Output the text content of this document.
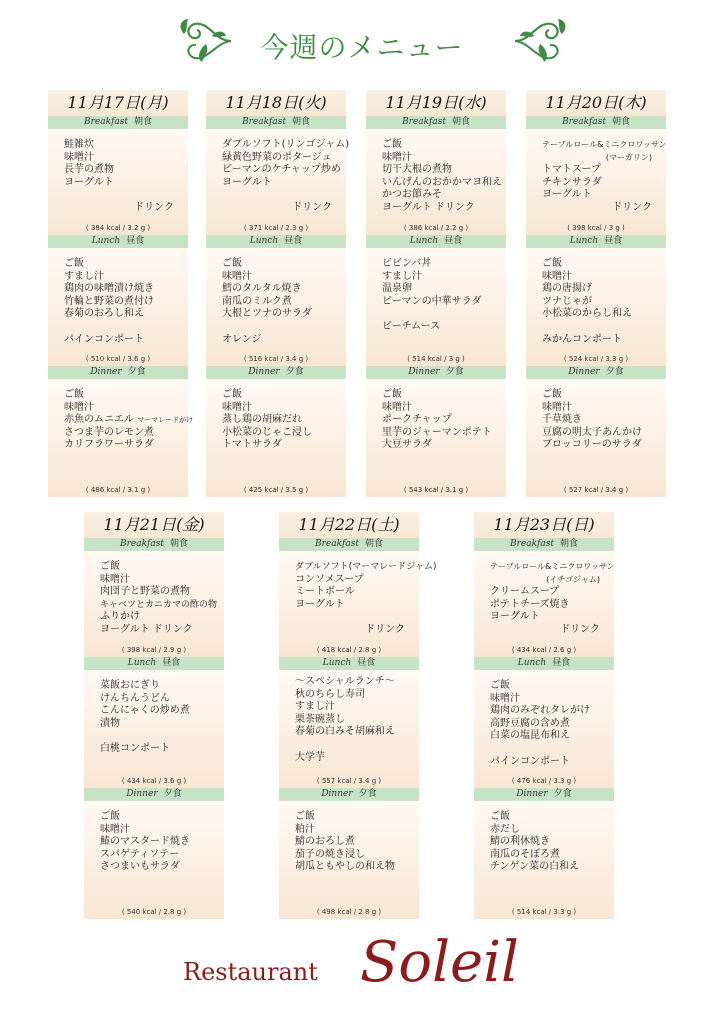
今週のメニュー
11月17日(月)
Breakfast 朝食
鮭雑炊
味噌汁
長芋の煮物
ヨーグルト
ドリンク
( 384 kcal / 3.2 g )
Lunch 昼食
ご飯
すまし汁
鶏肉の味噌漬け焼き
竹輪と野菜の煮付け
春菊のおろし和え
パインコンポート
( 510 kcal / 3.6 g )
Dinner 夕食
ご飯
味噌汁
赤魚のムニエル マーマレードがけ
さつま芋のレモン煮
カリフラワーサラダ
( 486 kcal / 3.1 g )
11月18日(火)
Breakfast 朝食
ダブルソフト(リンゴジャム)
緑黄色野菜のポタージュ
ピーマンのケチャップ炒め
ヨーグルト
ドリンク
( 371 kcal / 2.3 g )
Lunch 昼食
ご飯
味噌汁
鱈のタルタル焼き
南瓜のミルク煮
大根とツナのサラダ
オレンジ
( 516 kcal / 3.4 g )
Dinner 夕食
ご飯
味噌汁
蒸し鶏の胡麻だれ
小松菜のじゃこ浸し
トマトサラダ
( 425 kcal / 3.5 g )
11月19日(水)
Breakfast 朝食
ご飯
味噌汁
切干大根の煮物
いんげんのおかかマヨ和え
かつお節みそ
ヨーグルト ドリンク
( 386 kcal / 2.2 g )
Lunch 昼食
ビビンバ丼
すまし汁
温泉卵
ピーマンの中華サラダ
ピーチムース
( 514 kcal / 3 g )
Dinner 夕食
ご飯
味噌汁
ポークチャップ
里芋のジャーマンポテト
大豆サラダ
( 543 kcal / 3.1 g )
11月20日(木)
Breakfast 朝食
テーブルロール&ミニクロワッサン
(マーガリン)
トマトスープ
チキンサラダ
ヨーグルト
ドリンク
( 398 kcal / 3 g )
Lunch 昼食
ご飯
味噌汁
鶏の唐揚げ
ツナじゃが
小松菜のからし和え
みかんコンポート
( 524 kcal / 3.3 g )
Dinner 夕食
ご飯
味噌汁
千草焼き
豆腐の明太子あんかけ
ブロッコリーのサラダ
( 527 kcal / 3.4 g )
11月21日(金)
Breakfast 朝食
ご飯
味噌汁
肉団子と野菜の煮物
キャベツとカニカマの酢の物
ふりかけ
ヨーグルト ドリンク
( 398 kcal / 2.9 g )
Lunch 昼食
菜飯おにぎり
けんちんうどん
こんにゃくの炒め煮
漬物
白桃コンポート
( 434 kcal / 3.6 g )
Dinner 夕食
ご飯
味噌汁
鰆のマスタード焼き
スパゲティソテー
さつまいもサラダ
( 540 kcal / 2.8 g )
11月22日(土)
Breakfast 朝食
ダブルソフト(マーマレードジャム)
コンソメスープ
ミートボール
ヨーグルト
ドリンク
( 418 kcal / 2.8 g )
Lunch 昼食
～スペシャルランチ～
秋のちらし寿司
すまし汁
栗茶碗蒸し
春菊の白みそ胡麻和え
大学芋
( 557 kcal / 3.4 g )
Dinner 夕食
ご飯
粕汁
鯖のおろし煮
茄子の焼き浸し
胡瓜ともやしの和え物
( 498 kcal / 2.8 g )
11月23日(日)
Breakfast 朝食
テーブルロール&ミニクロワッサン
(イチゴジャム)
クリームスープ
ポテトチーズ焼き
ヨーグルト
ドリンク
( 434 kcal / 2.6 g )
Lunch 昼食
ご飯
味噌汁
鶏肉のみぞれタレがけ
高野豆腐の含め煮
白菜の塩昆布和え
パインコンポート
( 476 kcal / 3.3 g )
Dinner 夕食
ご飯
赤だし
鯖の利休焼き
南瓜のそぼろ煮
チンゲン菜の白和え
( 514 kcal / 3.3 g )
Restaurant Soleil
